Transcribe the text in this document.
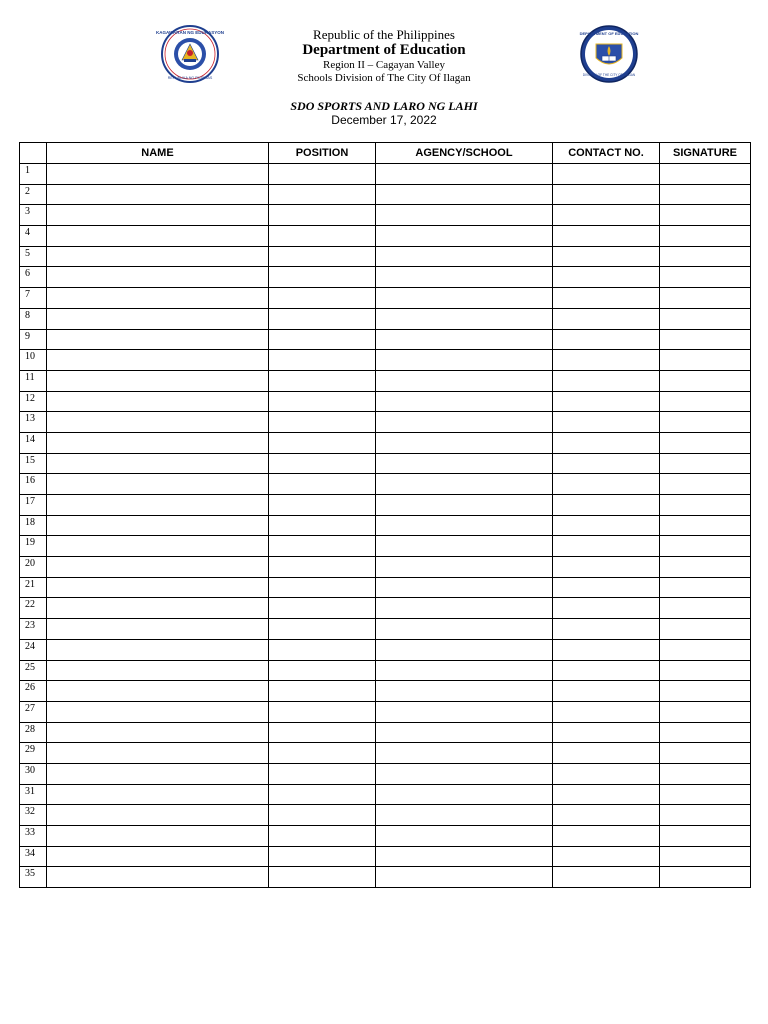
KAGAWARAN NG EDUKASYON
REPUBLIKA NG PILIPINAS
Republic of the Philippines
Department of Education
Region II – Cagayan Valley
Schools Division of The City Of Ilagan
DEPARTMENT OF EDUCATION
DIVISION OF THE CITY OF ILAGAN
SDO SPORTS AND LARO NG LAHI
December 17, 2022
	NAME	POSITION	AGENCY/SCHOOL	CONTACT NO.	SIGNATURE
1					
2					
3					
4					
5					
6					
7					
8					
9					
10					
11					
12					
13					
14					
15					
16					
17					
18					
19					
20					
21					
22					
23					
24					
25					
26					
27					
28					
29					
30					
31					
32					
33					
34					
35					
